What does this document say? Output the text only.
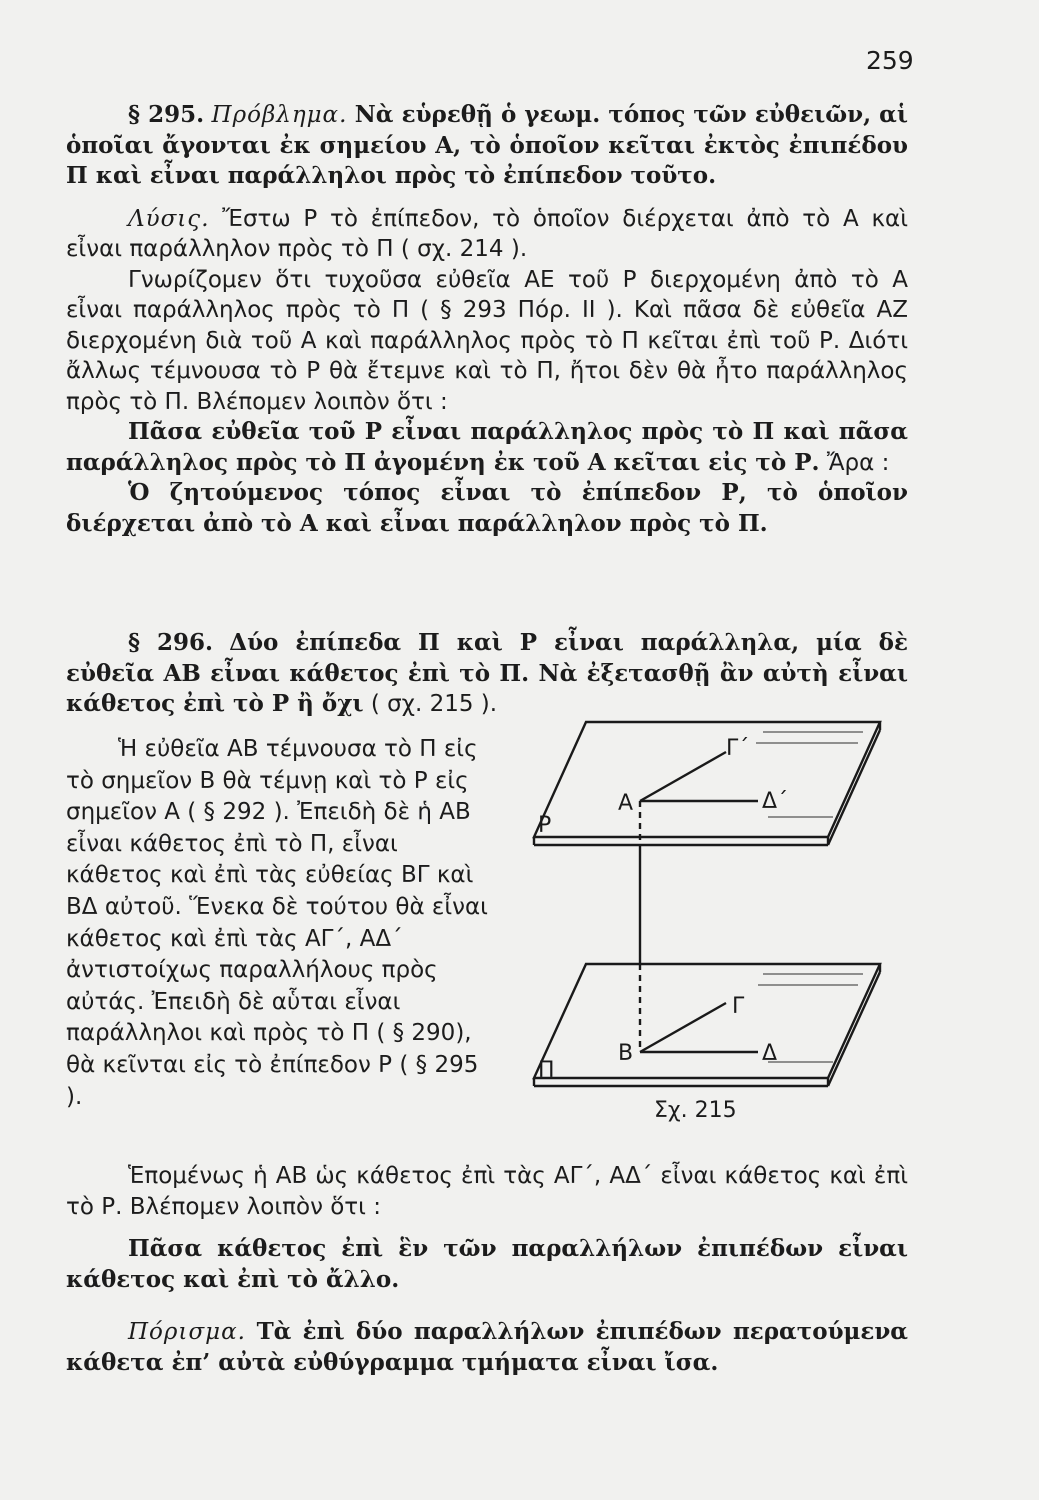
259

§ 295. Πρόβλημα. Νὰ εὑρεθῇ ὁ γεωμ. τόπος τῶν εὐθειῶν, αἱ ὁποῖαι ἄγονται ἐκ σημείου Α, τὸ ὁποῖον κεῖται ἐκτὸς ἐπιπέδου Π καὶ εἶναι παράλληλοι πρὸς τὸ ἐπίπεδον τοῦτο.

Λύσις. Ἔστω Ρ τὸ ἐπίπεδον, τὸ ὁποῖον διέρχεται ἀπὸ τὸ Α καὶ εἶναι παράλληλον πρὸς τὸ Π ( σχ. 214 ).

Γνωρίζομεν ὅτι τυχοῦσα εὐθεῖα ΑΕ τοῦ Ρ διερχομένη ἀπὸ τὸ Α εἶναι παράλληλος πρὸς τὸ Π ( § 293 Πόρ. ΙΙ ). Καὶ πᾶσα δὲ εὐθεῖα ΑΖ διερχομένη διὰ τοῦ Α καὶ παράλληλος πρὸς τὸ Π κεῖται ἐπὶ τοῦ Ρ. Διότι ἄλλως τέμνουσα τὸ Ρ θὰ ἔτεμνε καὶ τὸ Π, ἤτοι δὲν θὰ ἦτο παράλληλος πρὸς τὸ Π. Βλέπομεν λοιπὸν ὅτι :

Πᾶσα εὐθεῖα τοῦ Ρ εἶναι παράλληλος πρὸς τὸ Π καὶ πᾶσα παράλληλος πρὸς τὸ Π ἀγομένη ἐκ τοῦ Α κεῖται εἰς τὸ Ρ. Ἄρα :

Ὁ ζητούμενος τόπος εἶναι τὸ ἐπίπεδον Ρ, τὸ ὁποῖον διέρχεται ἀπὸ τὸ Α καὶ εἶναι παράλληλον πρὸς τὸ Π.

§ 296. Δύο ἐπίπεδα Π καὶ Ρ εἶναι παράλληλα, μία δὲ εὐθεῖα ΑΒ εἶναι κάθετος ἐπὶ τὸ Π. Νὰ ἐξετασθῇ ἂν αὐτὴ εἶναι κάθετος ἐπὶ τὸ Ρ ἢ ὄχι ( σχ. 215 ).

Ἡ εὐθεῖα ΑΒ τέμνουσα τὸ Π εἰς τὸ σημεῖον Β θὰ τέμνῃ καὶ τὸ Ρ εἰς σημεῖον Α ( § 292 ). Ἐπειδὴ δὲ ἡ ΑΒ εἶναι κάθετος ἐπὶ τὸ Π, εἶναι κάθετος καὶ ἐπὶ τὰς εὐθείας ΒΓ καὶ ΒΔ αὐτοῦ. Ἕνεκα δὲ τούτου θὰ εἶναι κάθετος καὶ ἐπὶ τὰς ΑΓ΄, ΑΔ΄ ἀντιστοίχως παραλλήλους πρὸς αὐτάς. Ἐπειδὴ δὲ αὗται εἶναι παράλληλοι καὶ πρὸς τὸ Π ( § 290), θὰ κεῖνται εἰς τὸ ἐπίπεδον Ρ ( § 295 ).

Α
Ρ
Γ΄
Δ΄
Β
Π
Γ
Δ
Σχ. 215

Ἑπομένως ἡ ΑΒ ὡς κάθετος ἐπὶ τὰς ΑΓ΄, ΑΔ΄ εἶναι κάθετος καὶ ἐπὶ τὸ Ρ. Βλέπομεν λοιπὸν ὅτι :

Πᾶσα κάθετος ἐπὶ ἓν τῶν παραλλήλων ἐπιπέδων εἶναι κάθετος καὶ ἐπὶ τὸ ἄλλο.

Πόρισμα. Τὰ ἐπὶ δύο παραλλήλων ἐπιπέδων περατούμενα κάθετα ἐπ’ αὐτὰ εὐθύγραμμα τμήματα εἶναι ἴσα.
